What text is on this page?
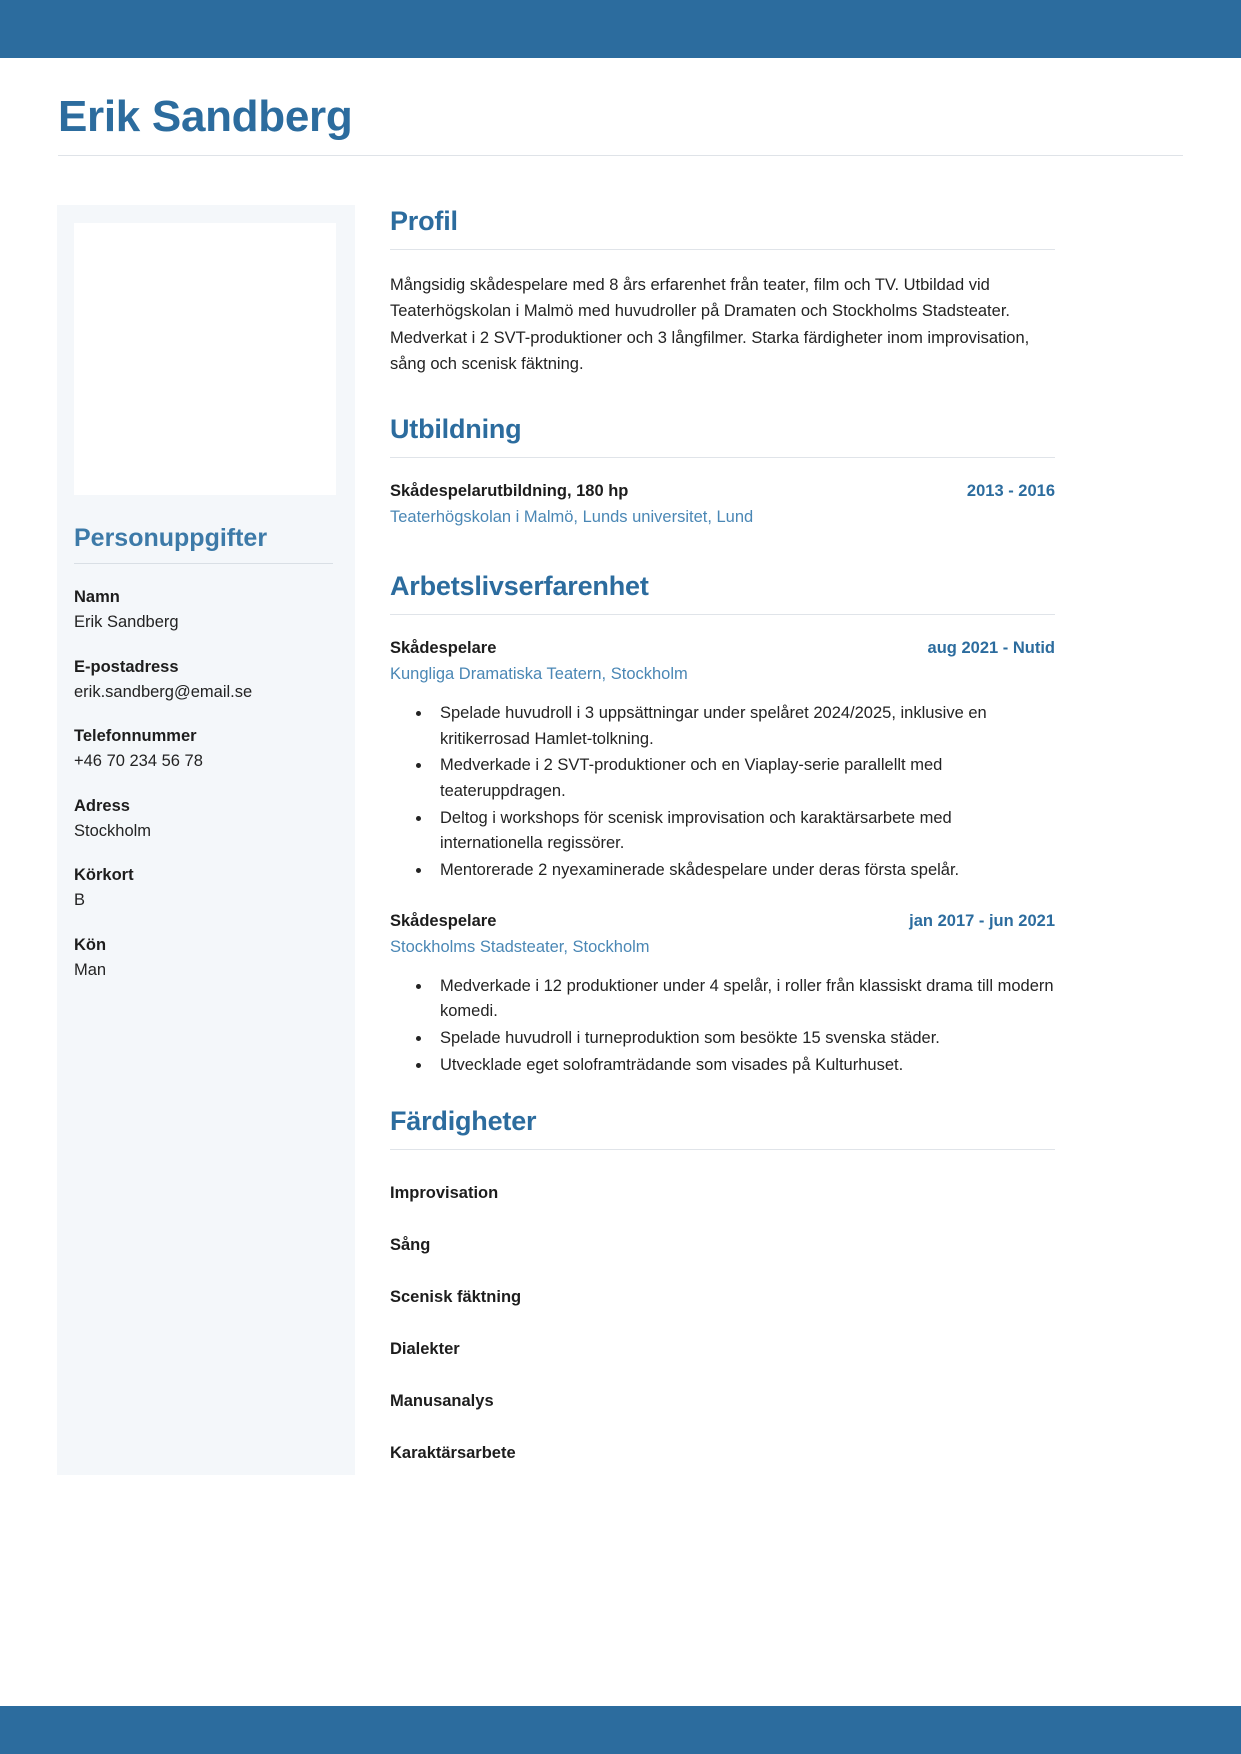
Erik Sandberg
Personuppgifter
Namn
Erik Sandberg
E-postadress
erik.sandberg@email.se
Telefonnummer
+46 70 234 56 78
Adress
Stockholm
Körkort
B
Kön
Man
Profil

Mångsidig skådespelare med 8 års erfarenhet från teater, film och TV. Utbildad vid Teaterhögskolan i Malmö med huvudroller på Dramaten och Stockholms Stadsteater. Medverkat i 2 SVT-produktioner och 3 långfilmer. Starka färdigheter inom improvisation, sång och scenisk fäktning.

Utbildning
Skådespelarutbildning, 180 hp	2013 - 2016
Teaterhögskolan i Malmö, Lunds universitet, Lund
Arbetslivserfarenhet
Skådespelare	aug 2021 - Nutid
Kungliga Dramatiska Teatern, Stockholm
• Spelade huvudroll i 3 uppsättningar under spelåret 2024/2025, inklusive en kritikerrosad Hamlet-tolkning.
• Medverkade i 2 SVT-produktioner och en Viaplay-serie parallellt med teateruppdragen.
• Deltog i workshops för scenisk improvisation och karaktärsarbete med internationella regissörer.
• Mentorerade 2 nyexaminerade skådespelare under deras första spelår.
Skådespelare	jan 2017 - jun 2021
Stockholms Stadsteater, Stockholm
• Medverkade i 12 produktioner under 4 spelår, i roller från klassiskt drama till modern komedi.
• Spelade huvudroll i turneproduktion som besökte 15 svenska städer.
• Utvecklade eget soloframträdande som visades på Kulturhuset.
Färdigheter
Improvisation
Sång
Scenisk fäktning
Dialekter
Manusanalys
Karaktärsarbete
